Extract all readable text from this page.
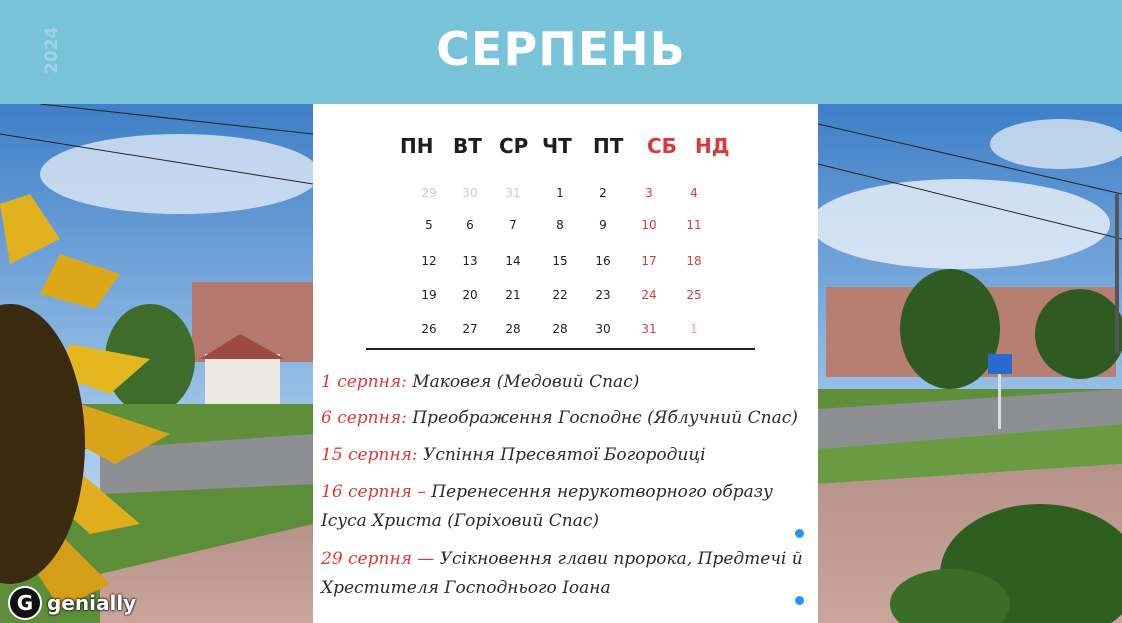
2024	СЕРПЕНЬ
ПН ВТ СР ЧТ ПТ СБ НД
29	30	31	1	2	3	4
5	6	7	8	9	10	11
12	13	14	15	16	17	18
19	20	21	22	23	24	25
26	27	28	28	30	31	1
1 серпня: Маковея (Медовий Спас)
6 серпня: Преображення Господнє (Яблучний Спас)
15 серпня: Успіння Пресвятої Богородиці
16 серпня – Перенесення нерукотворного образу Ісуса Христа (Горіховий Спас)
29 серпня — Усікновення глави пророка, Предтечі й Хрестителя Господнього Іоана
G genially
